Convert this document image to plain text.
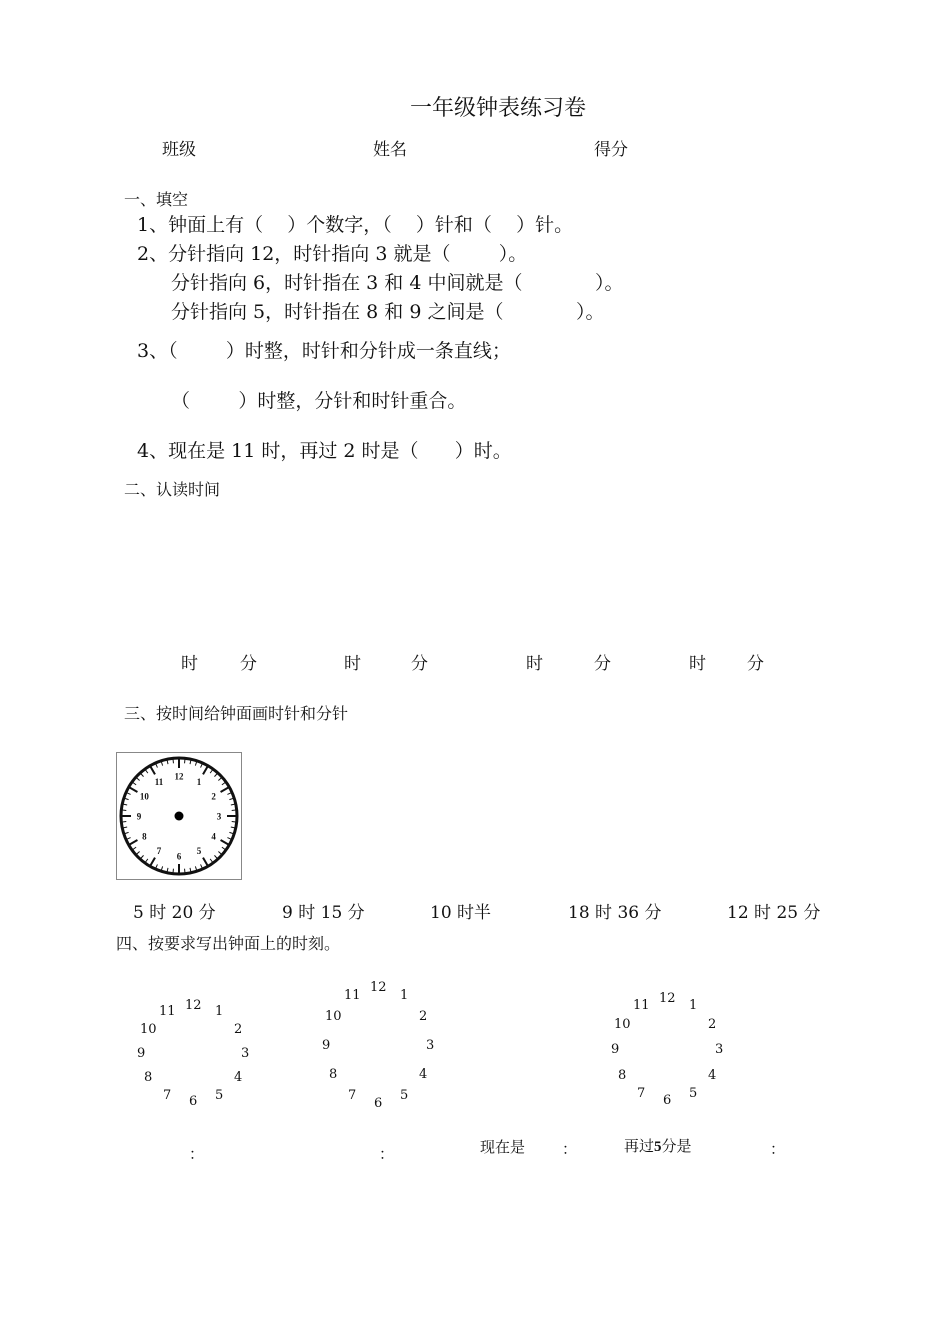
一年级钟表练习卷
班级	姓名	得分
一、填空
1、钟面上有（    ）个数字，（    ）针和（    ）针。
2、分针指向 12，时针指向 3 就是（        ）。
分针指向 6，时针指在 3 和 4 中间就是（            ）。
分针指向 5，时针指在 8 和 9 之间是（            ）。
3、（        ）时整，时针和分针成一条直线；
（        ）时整，分针和时针重合。
4、现在是 11 时，再过 2 时是（      ）时。
二、认读时间
时 分	时	分	时	分	时 分
三、按时间给钟面画时针和分针
12
1
2
3
4
5
6
7
8
9
10
11
5 时 20 分	9 时 15 分	10 时半	18 时 36 分	12 时 25 分
四、按要求写出钟面上的时刻。
12 1
2
3
4
5
6
7
8
9
10
11
12
1
2
3
4
5
6
7
8
9
10
11	12 1
2
3
4
5
6
7
8
9
10
11
：	：	现在是 ：	再过5分是	：
